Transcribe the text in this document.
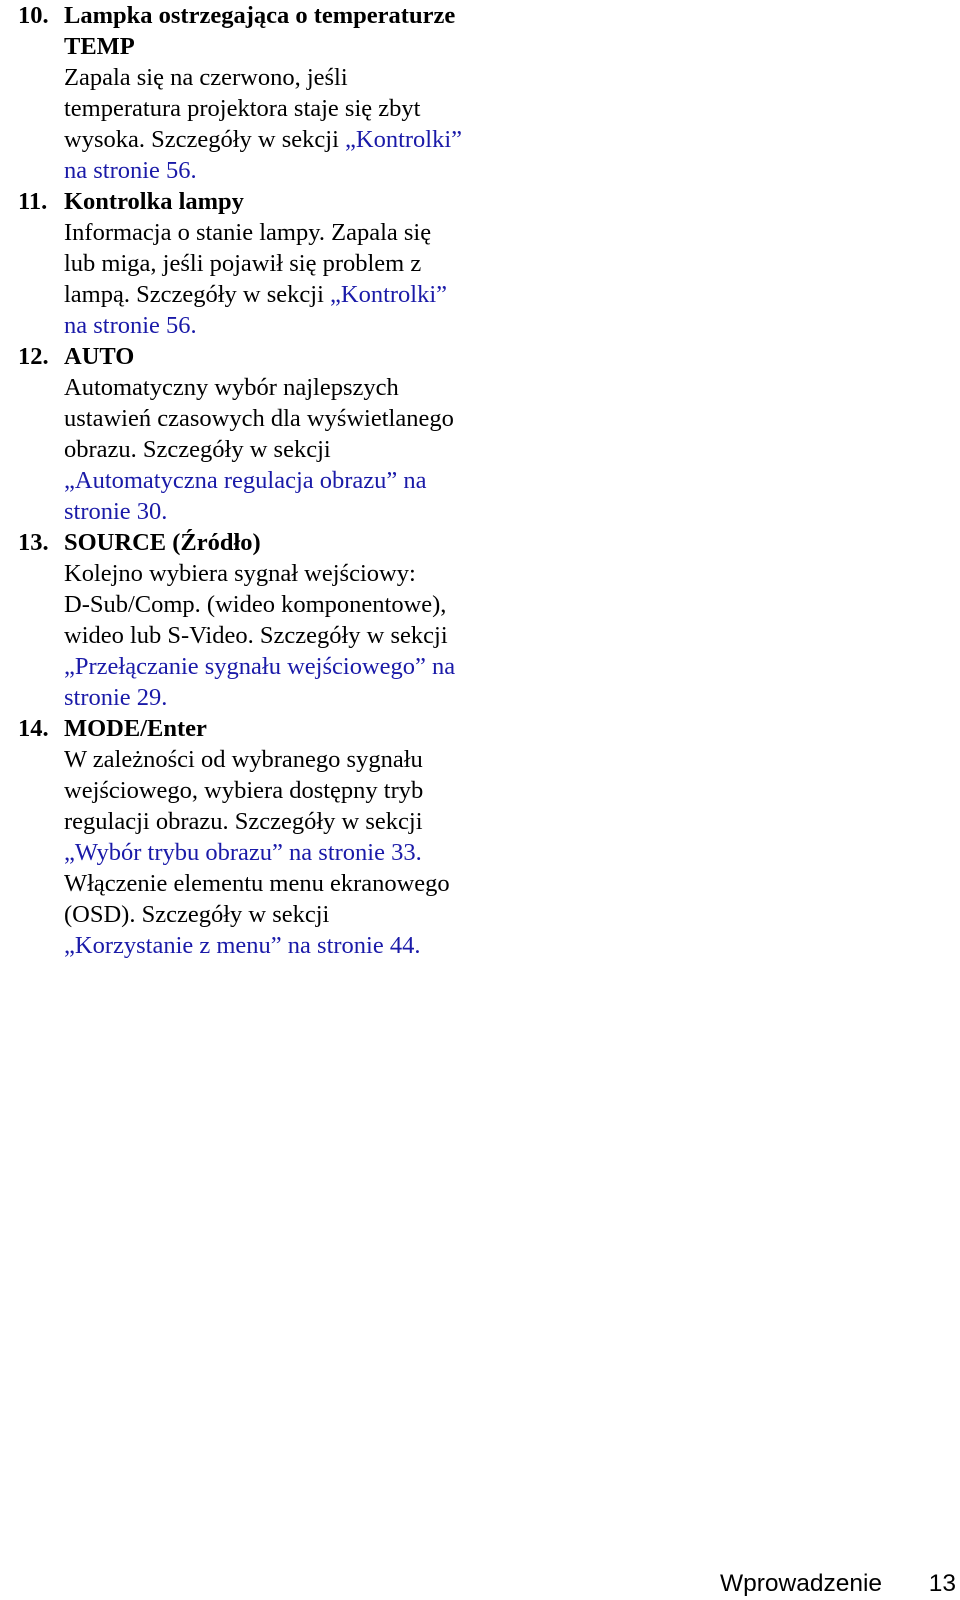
10. Lampka ostrzegająca o temperaturze
TEMP
Zapala się na czerwono, jeśli
temperatura projektora staje się zbyt
wysoka. Szczegóły w sekcji „Kontrolki”
na stronie 56.
11. Kontrolka lampy
Informacja o stanie lampy. Zapala się
lub miga, jeśli pojawił się problem z
lampą. Szczegóły w sekcji „Kontrolki”
na stronie 56.
12. AUTO
Automatyczny wybór najlepszych
ustawień czasowych dla wyświetlanego
obrazu. Szczegóły w sekcji
„Automatyczna regulacja obrazu” na
stronie 30.
13. SOURCE (Źródło)
Kolejno wybiera sygnał wejściowy:
D-Sub/Comp. (wideo komponentowe),
wideo lub S-Video. Szczegóły w sekcji
„Przełączanie sygnału wejściowego” na
stronie 29.
14. MODE/Enter
W zależności od wybranego sygnału
wejściowego, wybiera dostępny tryb
regulacji obrazu. Szczegóły w sekcji
„Wybór trybu obrazu” na stronie 33.
Włączenie elementu menu ekranowego
(OSD). Szczegóły w sekcji
„Korzystanie z menu” na stronie 44.
Wprowadzenie 13
